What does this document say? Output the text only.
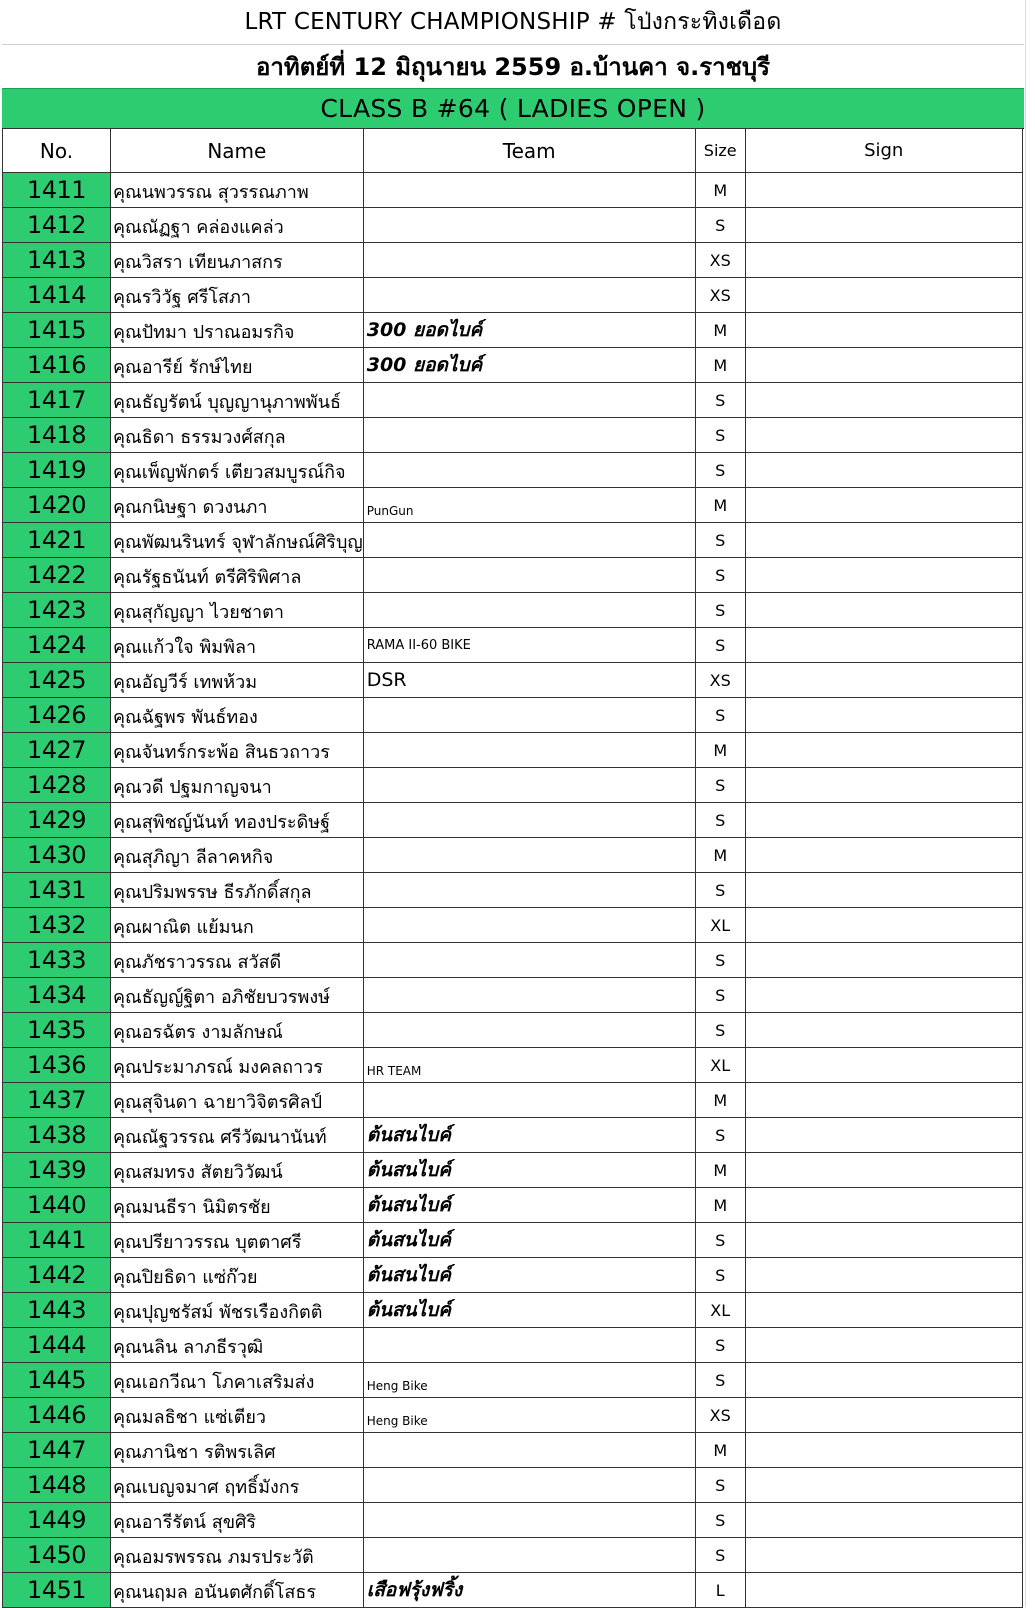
LRT CENTURY CHAMPIONSHIP # โป่งกระทิงเดือด
อาทิตย์ที่ 12 มิถุนายน 2559 อ.บ้านคา จ.ราชบุรี
CLASS B #64 ( LADIES OPEN )
No.	Name	Team	Size	Sign
1411	คุณนพวรรณ สุวรรณภาพ		M	
1412	คุณณัฏฐา คล่องแคล่ว		S	
1413	คุณวิสรา เทียนภาสกร		XS	
1414	คุณรวิวัฐ ศรีโสภา		XS	
1415	คุณปัทมา ปราณอมรกิจ	300 ยอดไบค์	M	
1416	คุณอารีย์ รักษ์ไทย	300 ยอดไบค์	M	
1417	คุณธัญรัตน์ บุญญานุภาพพันธ์		S	
1418	คุณธิดา ธรรมวงศ์สกุล		S	
1419	คุณเพ็ญพักตร์ เตียวสมบูรณ์กิจ		S	
1420	คุณกนิษฐา ดวงนภา	PunGun	M	
1421	คุณพัฒนรินทร์ จุฬาลักษณ์ศิริบุญ		S	
1422	คุณรัฐธนันท์ ตรีศิริพิศาล		S	
1423	คุณสุกัญญา ไวยชาตา		S	
1424	คุณแก้วใจ พิมพิลา	RAMA II-60 BIKE	S	
1425	คุณอัญวีร์ เทพห้วม	DSR	XS	
1426	คุณฉัฐพร พันธ์ทอง		S	
1427	คุณจันทร์กระพ้อ สินธวถาวร		M	
1428	คุณวดี ปฐมกาญจนา		S	
1429	คุณสุพิชญ์นันท์ ทองประดิษฐ์		S	
1430	คุณสุภิญา ลีลาคหกิจ		M	
1431	คุณปริมพรรษ ธีรภักดิ์สกุล		S	
1432	คุณผาณิต แย้มนก		XL	
1433	คุณภัชราวรรณ สวัสดี		S	
1434	คุณธัญญ์ฐิตา อภิชัยบวรพงษ์		S	
1435	คุณอรฉัตร งามลักษณ์		S	
1436	คุณประมาภรณ์ มงคลถาวร	HR TEAM	XL	
1437	คุณสุจินดา ฉายาวิจิตรศิลป์		M	
1438	คุณณัฐวรรณ ศรีวัฒนานันท์	ต้นสนไบค์	S	
1439	คุณสมทรง สัตยวิวัฒน์	ต้นสนไบค์	M	
1440	คุณมนธีรา นิมิตรชัย	ต้นสนไบค์	M	
1441	คุณปรียาวรรณ บุตตาศรี	ต้นสนไบค์	S	
1442	คุณปิยธิดา แซ่ก๊วย	ต้นสนไบค์	S	
1443	คุณปุญชรัสม์ พัชรเรืองกิตติ	ต้นสนไบค์	XL	
1444	คุณนลิน ลาภธีรวุฒิ		S	
1445	คุณเอกวีณา โภคาเสริมส่ง	Heng Bike	S	
1446	คุณมลธิชา แซ่เตียว	Heng Bike	XS	
1447	คุณภานิชา รติพรเลิศ		M	
1448	คุณเบญจมาศ ฤทธิ์มังกร		S	
1449	คุณอารีรัตน์ สุขศิริ		S	
1450	คุณอมรพรรณ ภมรประวัติ		S	
1451	คุณนฤมล อนันตศักดิ์โสธร	เสือฟรุ้งฟริ้ง	L	
